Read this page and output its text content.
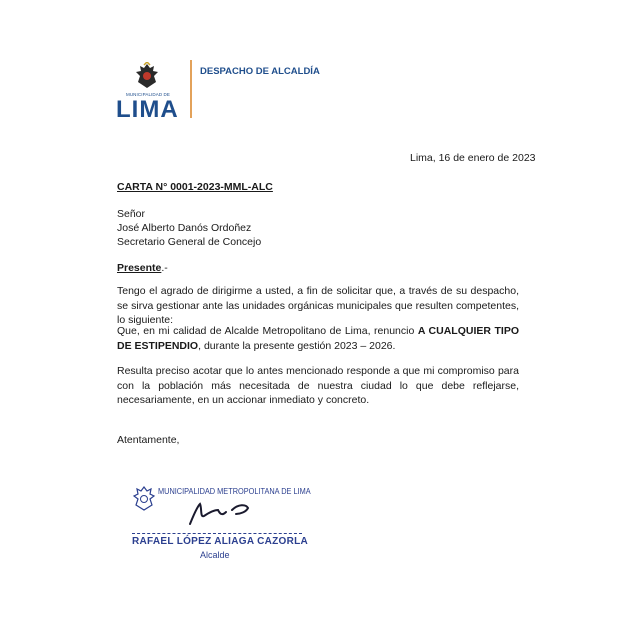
MUNICIPALIDAD DE
LIMA
DESPACHO DE ALCALDÍA
Lima, 16 de enero de 2023
CARTA N° 0001-2023-MML-ALC
Señor
José Alberto Danós Ordoñez
Secretario General de Concejo
Presente.-
Tengo el agrado de dirigirme a usted, a fin de solicitar que, a través de su despacho, se sirva gestionar ante las unidades orgánicas municipales que resulten competentes, lo siguiente:
Que, en mi calidad de Alcalde Metropolitano de Lima, renuncio A CUALQUIER TIPO DE ESTIPENDIO, durante la presente gestión 2023 – 2026.
Resulta preciso acotar que lo antes mencionado responde a que mi compromiso para con la población más necesitada de nuestra ciudad lo que debe reflejarse, necesariamente, en un accionar inmediato y concreto.
Atentamente,
MUNICIPALIDAD METROPOLITANA DE LIMA
RAFAEL LÓPEZ ALIAGA CAZORLA
Alcalde
